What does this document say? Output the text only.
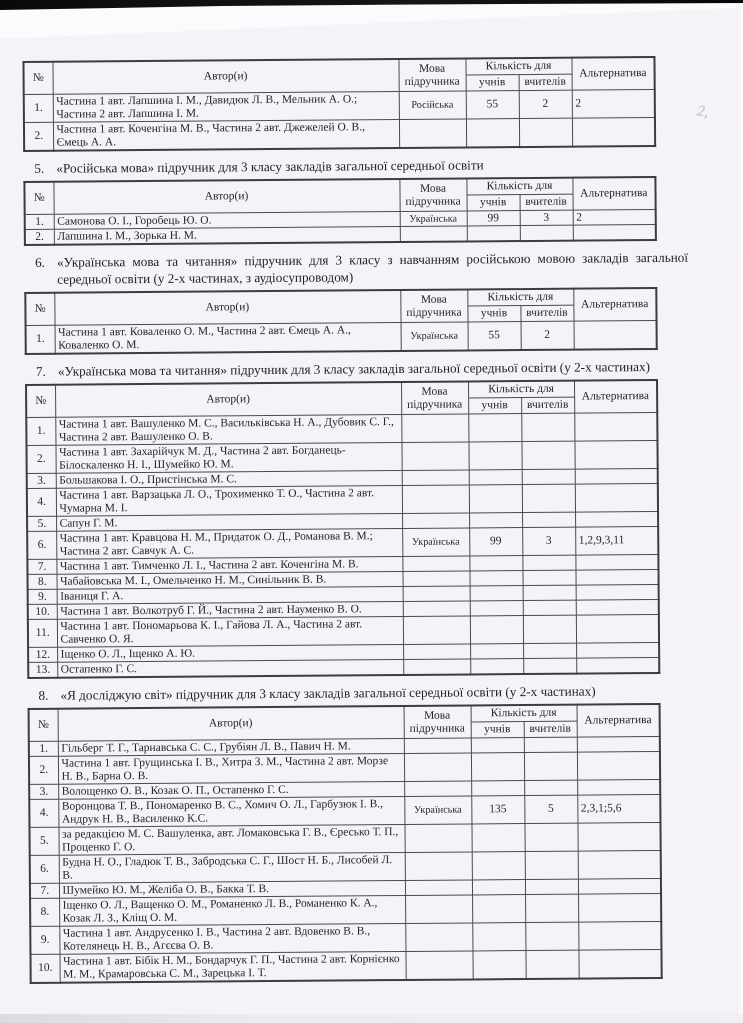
2,
№	Автор(и)	Мова підручника	Кількість для		Альтернатива
			учнів	вчителів	
1.	Частина 1 авт. Лапшина І. М., Давидюк Л. В., Мельник А. О.; Частина 2 авт. Лапшина І. М.	Російська	55	2	2
2.	Частина 1 авт. Коченгіна М. В., Частина 2 авт. Джежелей О. В., Ємець А. А.				
5. «Російська мова» підручник для 3 класу закладів загальної середньої освіти
№	Автор(и)	Мова підручника	Кількість для		Альтернатива
			учнів	вчителів	
1.	Самонова О. І., Горобець Ю. О.	Українська	99	3	2
2.	Лапшина І. М., Зорька Н. М.				
6. «Українська мова та читання» підручник для 3 класу з навчанням російською мовою закладів загальної середньої освіти (у 2-х частинах, з аудіосупроводом)
№	Автор(и)	Мова підручника	Кількість для		Альтернатива
			учнів	вчителів	
1.	Частина 1 авт. Коваленко О. М., Частина 2 авт. Ємець А. А., Коваленко О. М.	Українська	55	2	
7. «Українська мова та читання» підручник для 3 класу закладів загальної середньої освіти (у 2-х частинах)
№	Автор(и)	Мова підручника	Кількість для		Альтернатива
			учнів	вчителів	
1.	Частина 1 авт. Вашуленко М. С., Васильківська Н. А., Дубовик С. Г., Частина 2 авт. Вашуленко О. В.				
2.	Частина 1 авт. Захарійчук М. Д., Частина 2 авт. Богданець-Білоскаленко Н. І., Шумейко Ю. М.				
3.	Большакова І. О., Пристінська М. С.				
4.	Частина 1 авт. Варзацька Л. О., Трохименко Т. О., Частина 2 авт. Чумарна М. І.				
5.	Сапун Г. М.				
6.	Частина 1 авт. Кравцова Н. М., Придаток О. Д., Романова В. М.; Частина 2 авт. Савчук А. С.	Українська	99	3	1,2,9,3,11
7.	Частина 1 авт. Тимченко Л. І., Частина 2 авт. Коченгіна М. В.				
8.	Чабайовська М. І., Омельченко Н. М., Синільник В. В.				
9.	Іваниця Г. А.				
10.	Частина 1 авт. Волкотруб Г. Й., Частина 2 авт. Науменко В. О.				
11.	Частина 1 авт. Пономарьова К. І., Гайова Л. А., Частина 2 авт. Савченко О. Я.				
12.	Іщенко О. Л., Іщенко А. Ю.				
13.	Остапенко Г. С.				
8. «Я досліджую світ» підручник для 3 класу закладів загальної середньої освіти (у 2-х частинах)
№	Автор(и)	Мова підручника	Кількість для		Альтернатива
			учнів	вчителів	
1.	Гільберг Т. Г., Тарнавська С. С., Грубіян Л. В., Павич Н. М.				
2.	Частина 1 авт. Грущинська І. В., Хитра З. М., Частина 2 авт. Морзе Н. В., Барна О. В.				
3.	Волощенко О. В., Козак О. П., Остапенко Г. С.				
4.	Воронцова Т. В., Пономаренко В. С., Хомич О. Л., Гарбузюк І. В., Андрук Н. В., Василенко К.С.	Українська	135	5	2,3,1;5,6
5.	за редакцією М. С. Вашуленка, авт. Ломаковська Г. В., Єресько Т. П., Проценко Г. О.				
6.	Будна Н. О., Гладюк Т. В., Забродська С. Г., Шост Н. Б., Лисобей Л. В.				
7.	Шумейко Ю. М., Желіба О. В., Бакка Т. В.				
8.	Іщенко О. Л., Ващенко О. М., Романенко Л. В., Романенко К. А., Козак Л. З., Кліщ О. М.				
9.	Частина 1 авт. Андрусенко І. В., Частина 2 авт. Вдовенко В. В., Котелянець Н. В., Агєєва О. В.				
10.	Частина 1 авт. Бібік Н. М., Бондарчук Г. П., Частина 2 авт. Корнієнко М. М., Крамаровська С. М., Зарецька І. Т.				
